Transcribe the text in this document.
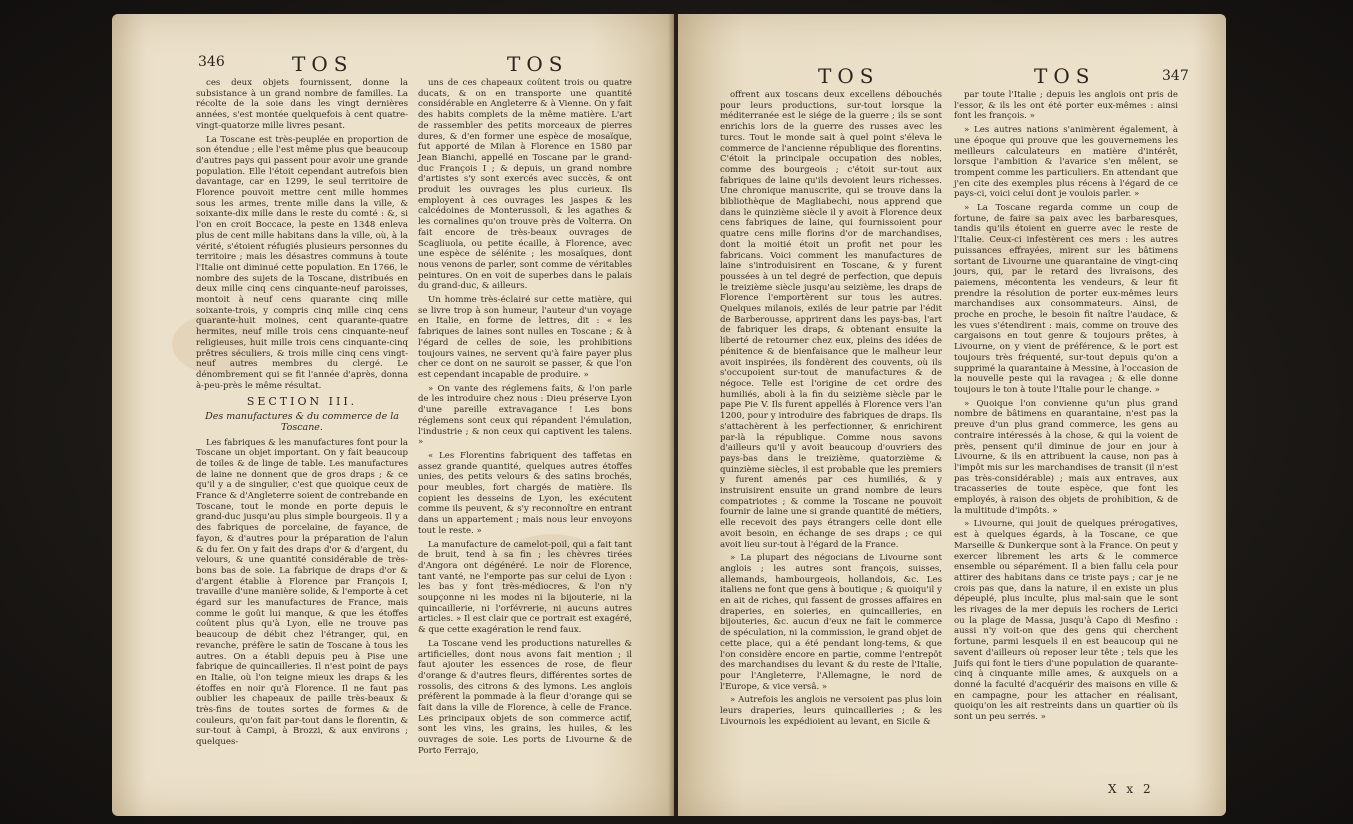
346	TOS	TOS

ces deux objets fournissent, donne la subsistance à un grand nombre de familles. La récolte de la soie dans les vingt dernières années, s'est montée quelquefois à cent quatre-vingt-quatorze mille livres pesant.

La Toscane est très-peuplée en proportion de son étendue ; elle l'est même plus que beaucoup d'autres pays qui passent pour avoir une grande population. Elle l'étoit cependant autrefois bien davantage, car en 1299, le seul territoire de Florence pouvoit mettre cent mille hommes sous les armes, trente mille dans la ville, & soixante-dix mille dans le reste du comté : &, si l'on en croit Boccace, la peste en 1348 enleva plus de cent mille habitans dans la ville, où, à la vérité, s'étoient réfugiés plusieurs personnes du territoire ; mais les désastres communs à toute l'Italie ont diminué cette population. En 1766, le nombre des sujets de la Toscane, distribués en deux mille cinq cens cinquante-neuf paroisses, montoit à neuf cens quarante cinq mille soixante-trois, y compris cinq mille cinq cens quarante-huit moines, cent quarante-quatre hermites, neuf mille trois cens cinquante-neuf religieuses, huit mille trois cens cinquante-cinq prêtres séculiers, & trois mille cinq cens vingt-neuf autres membres du clergé. Le dénombrement qui se fit l'année d'après, donna à-peu-près le même résultat.

SECTION III.
Des manufactures & du commerce de la Toscane.

Les fabriques & les manufactures font pour la Toscane un objet important. On y fait beaucoup de toiles & de linge de table. Les manufactures de laine ne donnent que de gros draps ; & ce qu'il y a de singulier, c'est que quoique ceux de France & d'Angleterre soient de contrebande en Toscane, tout le monde en porte depuis le grand-duc jusqu'au plus simple bourgeois. Il y a des fabriques de porcelaine, de fayance, de fayon, & d'autres pour la préparation de l'alun & du fer. On y fait des draps d'or & d'argent, du velours, & une quantité considérable de très-bons bas de soie. La fabrique de draps d'or & d'argent établie à Florence par François I, travaille d'une manière solide, & l'emporte à cet égard sur les manufactures de France, mais comme le goût lui manque, & que les étoffes coûtent plus qu'à Lyon, elle ne trouve pas beaucoup de débit chez l'étranger, qui, en revanche, préfère le satin de Toscane à tous les autres. On a établi depuis peu à Pise une fabrique de quincailleries. Il n'est point de pays en Italie, où l'on teigne mieux les draps & les étoffes en noir qu'à Florence. Il ne faut pas oublier les chapeaux de paille très-beaux & très-fins de toutes sortes de formes & de couleurs, qu'on fait par-tout dans le florentin, & sur-tout à Campi, à Brozzi, & aux environs ; quelques-

uns de ces chapeaux coûtent trois ou quatre ducats, & on en transporte une quantité considérable en Angleterre & à Vienne. On y fait des habits complets de la même matière. L'art de rassembler des petits morceaux de pierres dures, & d'en former une espèce de mosaïque, fut apporté de Milan à Florence en 1580 par Jean Bianchi, appellé en Toscane par le grand-duc François I ; & depuis, un grand nombre d'artistes s'y sont exercés avec succès, & ont produit les ouvrages les plus curieux. Ils employent à ces ouvrages les jaspes & les calcédoines de Monterussoli, & les agathes & les cornalines qu'on trouve près de Volterra. On fait encore de très-beaux ouvrages de Scagliuola, ou petite écaille, à Florence, avec une espèce de sélénite ; les mosaïques, dont nous venons de parler, sont comme de véritables peintures. On en voit de superbes dans le palais du grand-duc, & ailleurs.

Un homme très-éclairé sur cette matière, qui se livre trop à son humeur, l'auteur d'un voyage en Italie, en forme de lettres, dit : « les fabriques de laines sont nulles en Toscane ; & à l'égard de celles de soie, les prohibitions toujours vaines, ne servent qu'à faire payer plus cher ce dont on ne sauroit se passer, & que l'on est cependant incapable de produire. »

» On vante des réglemens faits, & l'on parle de les introduire chez nous : Dieu préserve Lyon d'une pareille extravagance ! Les bons réglemens sont ceux qui répandent l'émulation, l'industrie ; & non ceux qui captivent les talens. »

« Les Florentins fabriquent des taffetas en assez grande quantité, quelques autres étoffes unies, des petits velours & des satins brochés, pour meubles, fort chargés de matière. Ils copient les desseins de Lyon, les exécutent comme ils peuvent, & s'y reconnoître en entrant dans un appartement ; mais nous leur envoyons tout le reste. »

La manufacture de camelot-poil, qui a fait tant de bruit, tend à sa fin ; les chèvres tirées d'Angora ont dégénéré. Le noir de Florence, tant vanté, ne l'emporte pas sur celui de Lyon : les bas y font très-médiocres, & l'on n'y soupçonne ni les modes ni la bijouterie, ni la quincaillerie, ni l'orfévrerie, ni aucuns autres articles. » Il est clair que ce portrait est exagéré, & que cette exagération le rend faux.

La Toscane vend les productions naturelles & artificielles, dont nous avons fait mention ; il faut ajouter les essences de rose, de fleur d'orange & d'autres fleurs, différentes sortes de rossolis, des citrons & des lymons. Les anglois préfèrent la pommade à la fleur d'orange qui se fait dans la ville de Florence, à celle de France. Les principaux objets de son commerce actif, sont les vins, les grains, les huiles, & les ouvrages de soie. Les ports de Livourne & de Porto Ferrajo,

TOS	TOS	347

offrent aux toscans deux excellens débouchés pour leurs productions, sur-tout lorsque la méditerranée est le siége de la guerre ; ils se sont enrichis lors de la guerre des russes avec les turcs. Tout le monde sait à quel point s'éleva le commerce de l'ancienne république des florentins. C'étoit la principale occupation des nobles, comme des bourgeois ; c'étoit sur-tout aux fabriques de laine qu'ils devoient leurs richesses. Une chronique manuscrite, qui se trouve dans la bibliothèque de Magliabechi, nous apprend que dans le quinzième siècle il y avoit à Florence deux cens fabriques de laine, qui fournissoient pour quatre cens mille florins d'or de marchandises, dont la moitié étoit un profit net pour les fabricans. Voici comment les manufactures de laine s'introduisirent en Toscane, & y furent poussées à un tel degré de perfection, que depuis le treizième siècle jusqu'au seizième, les draps de Florence l'emportèrent sur tous les autres. Quelques milanois, exilés de leur patrie par l'édit de Barberousse, apprirent dans les pays-bas, l'art de fabriquer les draps, & obtenant ensuite la liberté de retourner chez eux, pleins des idées de pénitence & de bienfaisance que le malheur leur avoit inspirées, ils fondèrent des couvents, où ils s'occupoient sur-tout de manufactures & de négoce. Telle est l'origine de cet ordre des humiliés, aboli à la fin du seizième siècle par le pape Pie V. Ils furent appellés à Florence vers l'an 1200, pour y introduire des fabriques de draps. Ils s'attachèrent à les perfectionner, & enrichirent par-là la république. Comme nous savons d'ailleurs qu'il y avoit beaucoup d'ouvriers des pays-bas dans le treizième, quatorzième & quinzième siècles, il est probable que les premiers y furent amenés par ces humiliés, & y instruisirent ensuite un grand nombre de leurs compatriotes ; & comme la Toscane ne pouvoit fournir de laine une si grande quantité de métiers, elle recevoit des pays étrangers celle dont elle avoit besoin, en échange de ses draps ; ce qui avoit lieu sur-tout à l'égard de la France.

» La plupart des négocians de Livourne sont anglois ; les autres sont françois, suisses, allemands, hambourgeois, hollandois, &c. Les italiens ne font que gens à boutique ; & quoiqu'il y en ait de riches, qui fassent de grosses affaires en draperies, en soieries, en quincailleries, en bijouteries, &c. aucun d'eux ne fait le commerce de spéculation, ni la commission, le grand objet de cette place, qui a été pendant long-tems, & que l'on considère encore en partie, comme l'entrepôt des marchandises du levant & du reste de l'Italie, pour l'Angleterre, l'Allemagne, le nord de l'Europe, & vice versâ. »

» Autrefois les anglois ne versoient pas plus loin leurs draperies, leurs quincailleries ; & les Livournois les expédioient au levant, en Sicile &

par toute l'Italie ; depuis les anglois ont pris de l'essor, & ils les ont été porter eux-mêmes : ainsi font les françois. »

» Les autres nations s'animèrent également, à une époque qui prouve que les gouvernemens les meilleurs calculateurs en matière d'intérêt, lorsque l'ambition & l'avarice s'en mêlent, se trompent comme les particuliers. En attendant que j'en cite des exemples plus récens à l'égard de ce pays-ci, voici celui dont je voulois parler. »

» La Toscane regarda comme un coup de fortune, de faire sa paix avec les barbaresques, tandis qu'ils étoient en guerre avec le reste de l'Italie. Ceux-ci infestèrent ces mers : les autres puissances effrayées, mirent sur les bâtimens sortant de Livourne une quarantaine de vingt-cinq jours, qui, par le retard des livraisons, des paiemens, mécontenta les vendeurs, & leur fit prendre la résolution de porter eux-mêmes leurs marchandises aux consommateurs. Ainsi, de proche en proche, le besoin fit naître l'audace, & les vues s'étendirent : mais, comme on trouve des cargaisons en tout genre & toujours prêtes, à Livourne, on y vient de préférence, & le port est toujours très fréquenté, sur-tout depuis qu'on a supprimé la quarantaine à Messine, à l'occasion de la nouvelle peste qui la ravagea ; & elle donne toujours le ton à toute l'Italie pour le change. »

» Quoique l'on convienne qu'un plus grand nombre de bâtimens en quarantaine, n'est pas la preuve d'un plus grand commerce, les gens au contraire intéressés à la chose, & qui la voient de près, pensent qu'il diminue de jour en jour à Livourne, & ils en attribuent la cause, non pas à l'impôt mis sur les marchandises de transit (il n'est pas très-considérable) ; mais aux entraves, aux tracasseries de toute espèce, que font les employés, à raison des objets de prohibition, & de la multitude d'impôts. »

» Livourne, qui jouit de quelques prérogatives, est à quelques égards, à la Toscane, ce que Marseille & Dunkerque sont à la France. On peut y exercer librement les arts & le commerce ensemble ou séparément. Il a bien fallu cela pour attirer des habitans dans ce triste pays ; car je ne crois pas que, dans la nature, il en existe un plus dépeuplé, plus inculte, plus mal-sain que le sont les rivages de la mer depuis les rochers de Lerici ou la plage de Massa, jusqu'à Capo di Mesfino : aussi n'y voit-on que des gens qui cherchent fortune, parmi lesquels il en est beaucoup qui ne savent d'ailleurs où reposer leur tête ; tels que les Juifs qui font le tiers d'une population de quarante-cinq à cinquante mille ames, & auxquels on a donné la faculté d'acquérir des maisons en ville & en campagne, pour les attacher en réalisant, quoiqu'on les ait restreints dans un quartier où ils sont un peu serrés. »

X x 2
